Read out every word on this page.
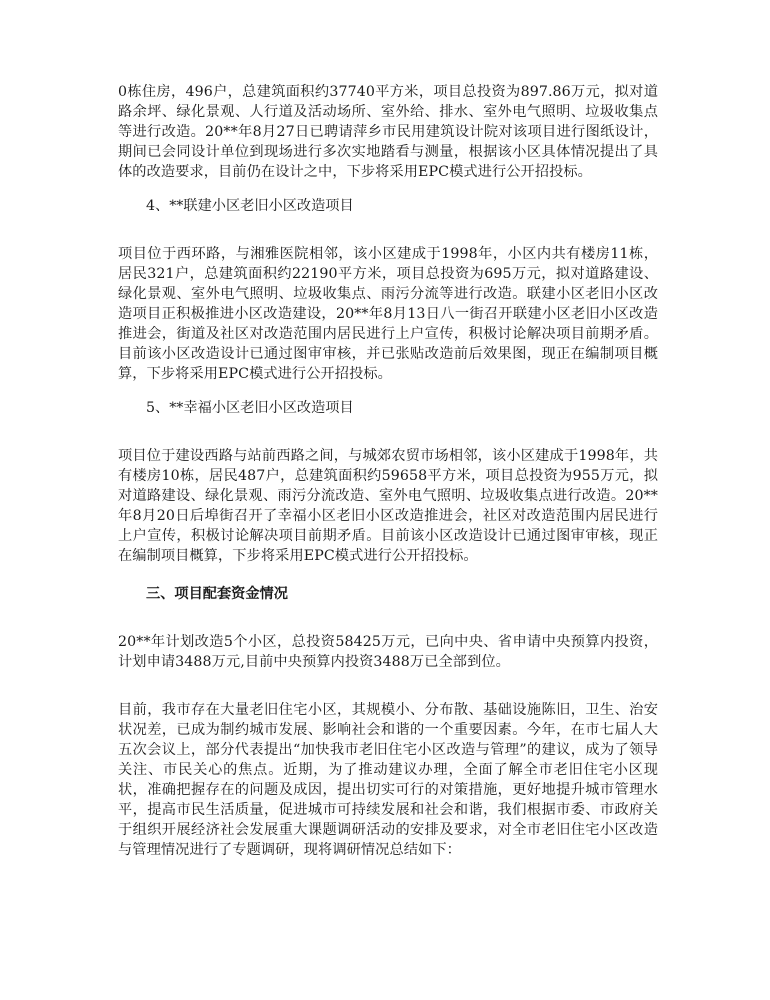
0栋住房，496户，总建筑面积约37740平方米，项目总投资为897.86万元，拟对道路余坪、绿化景观、人行道及活动场所、室外给、排水、室外电气照明、垃圾收集点等进行改造。20**年8月27日已聘请萍乡市民用建筑设计院对该项目进行图纸设计，期间已会同设计单位到现场进行多次实地踏看与测量，根据该小区具体情况提出了具体的改造要求，目前仍在设计之中，下步将采用EPC模式进行公开招投标。

4、**联建小区老旧小区改造项目

项目位于西环路，与湘雅医院相邻，该小区建成于1998年，小区内共有楼房11栋，居民321户，总建筑面积约22190平方米，项目总投资为695万元，拟对道路建设、绿化景观、室外电气照明、垃圾收集点、雨污分流等进行改造。联建小区老旧小区改造项目正积极推进小区改造建设，20**年8月13日八一街召开联建小区老旧小区改造推进会，街道及社区对改造范围内居民进行上户宣传，积极讨论解决项目前期矛盾。目前该小区改造设计已通过图审审核，并已张贴改造前后效果图，现正在编制项目概算，下步将采用EPC模式进行公开招投标。

5、**幸福小区老旧小区改造项目

项目位于建设西路与站前西路之间，与城郊农贸市场相邻，该小区建成于1998年，共有楼房10栋，居民487户，总建筑面积约59658平方米，项目总投资为955万元，拟对道路建设、绿化景观、雨污分流改造、室外电气照明、垃圾收集点进行改造。20**年8月20日后埠街召开了幸福小区老旧小区改造推进会，社区对改造范围内居民进行上户宣传，积极讨论解决项目前期矛盾。目前该小区改造设计已通过图审审核，现正在编制项目概算，下步将采用EPC模式进行公开招投标。

三、项目配套资金情况

20**年计划改造5个小区，总投资58425万元，已向中央、省申请中央预算内投资，计划申请3488万元,目前中央预算内投资3488万已全部到位。

目前，我市存在大量老旧住宅小区，其规模小、分布散、基础设施陈旧，卫生、治安状况差，已成为制约城市发展、影响社会和谐的一个重要因素。今年，在市七届人大五次会议上，部分代表提出“加快我市老旧住宅小区改造与管理”的建议，成为了领导关注、市民关心的焦点。近期，为了推动建议办理，全面了解全市老旧住宅小区现状，准确把握存在的问题及成因，提出切实可行的对策措施，更好地提升城市管理水平，提高市民生活质量，促进城市可持续发展和社会和谐，我们根据市委、市政府关于组织开展经济社会发展重大课题调研活动的安排及要求，对全市老旧住宅小区改造与管理情况进行了专题调研，现将调研情况总结如下：
